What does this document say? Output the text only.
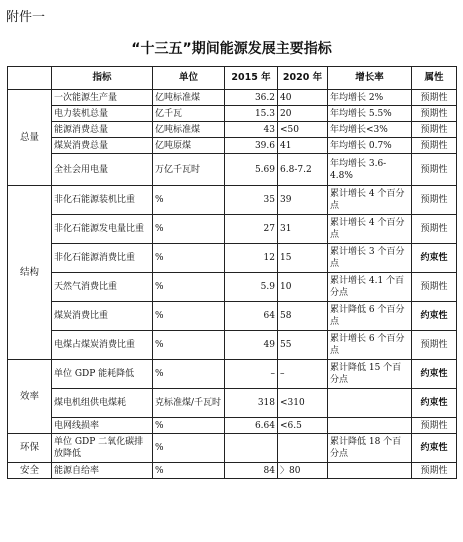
附件一
“十三五”期间能源发展主要指标
	指标	单位	2015 年	2020 年	增长率	属性
总量	一次能源生产量	亿吨标准煤	36.2	40	年均增长 2%	预期性
	电力装机总量	亿千瓦	15.3	20	年均增长 5.5%	预期性
	能源消费总量	亿吨标准煤	43	<50	年均增长<3%	预期性
	煤炭消费总量	亿吨原煤	39.6	41	年均增长 0.7%	预期性
	全社会用电量	万亿千瓦时	5.69	6.8-7.2	年均增长 3.6-4.8%	预期性
结构	非化石能源装机比重	%	35	39	累计增长 4 个百分点	预期性
	非化石能源发电量比重	%	27	31	累计增长 4 个百分点	预期性
	非化石能源消费比重	%	12	15	累计增长 3 个百分点	约束性
	天然气消费比重	%	5.9	10	累计增长 4.1 个百分点	预期性
	煤炭消费比重	%	64	58	累计降低 6 个百分点	约束性
	电煤占煤炭消费比重	%	49	55	累计增长 6 个百分点	预期性
效率	单位 GDP 能耗降低	%	–	–	累计降低 15 个百分点	约束性
	煤电机组供电煤耗	克标准煤/千瓦时	318	<310		约束性
	电网线损率	%	6.64	<6.5		预期性
环保	单位 GDP 二氧化碳排放降低	%			累计降低 18 个百分点	约束性
安全	能源自给率	%	84	〉80		预期性
